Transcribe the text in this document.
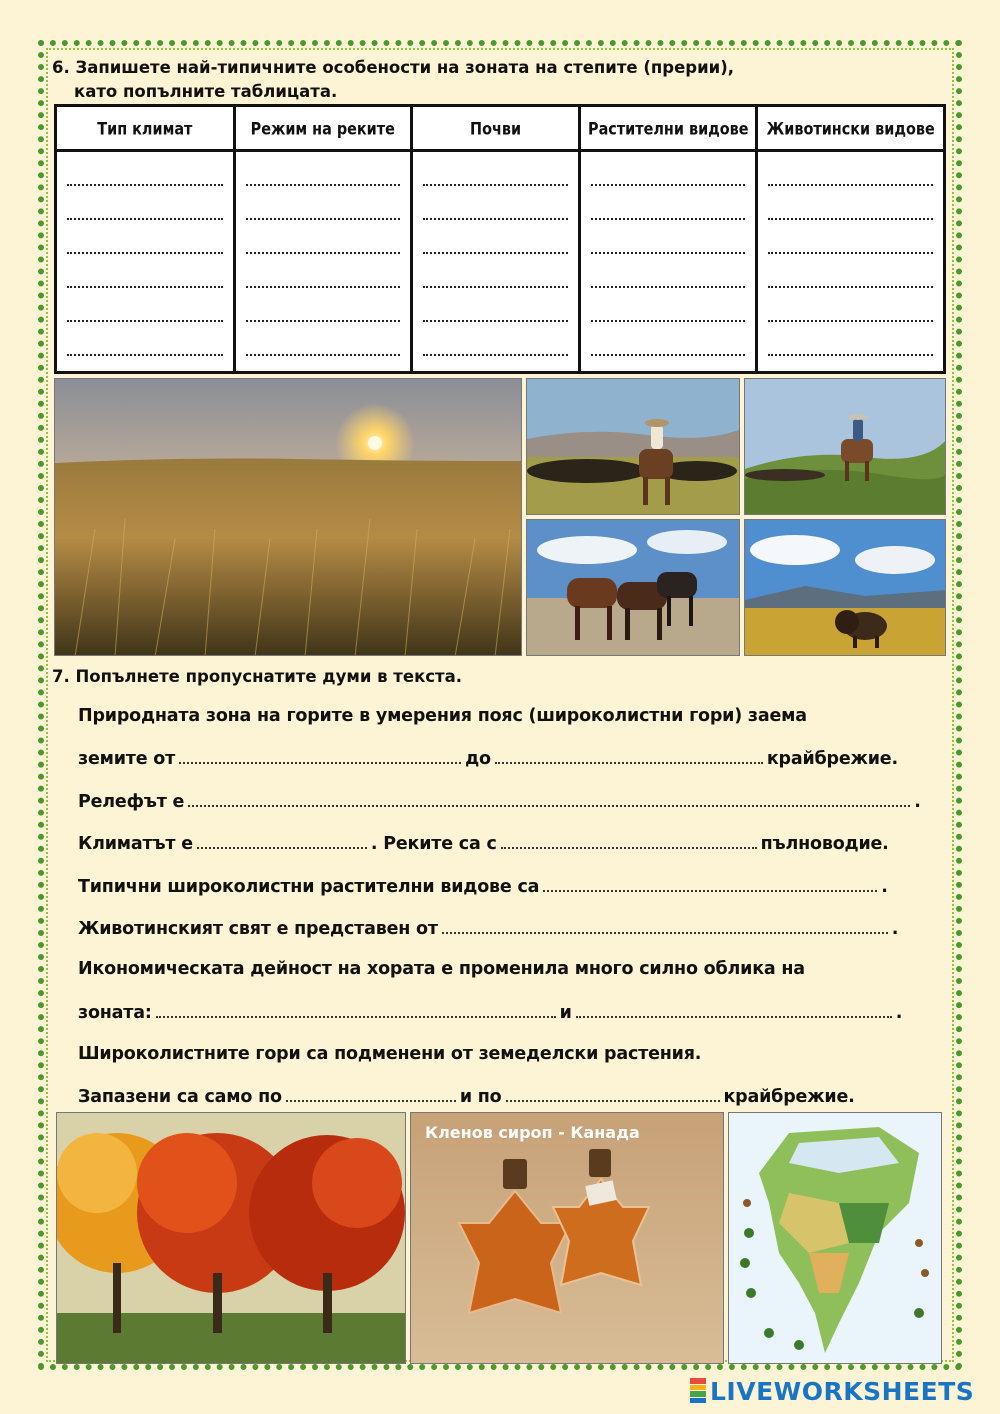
6. Запишете най-типичните особености на зоната на степите (прерии),
като попълните таблицата.
Тип климат	Режим на реките	Почви	Растителни видове	Животински видове

7. Попълнете пропуснатите думи в текста.
Природната зона на горите в умерения пояс (широколистни гори) заема
земите от	до	крайбрежие.
Релефът е	.
Климатът е	. Реките са с	пълноводие.
Типични широколистни растителни видове са	.
Животинският свят е представен от	.
Икономическата дейност на хората е променила много силно облика на
зоната:	и	.
Широколистните гори са подменени от земеделски растения.
Запазени са само по	и по	крайбрежие.
Кленов сироп - Канада
LIVEWORKSHEETS
